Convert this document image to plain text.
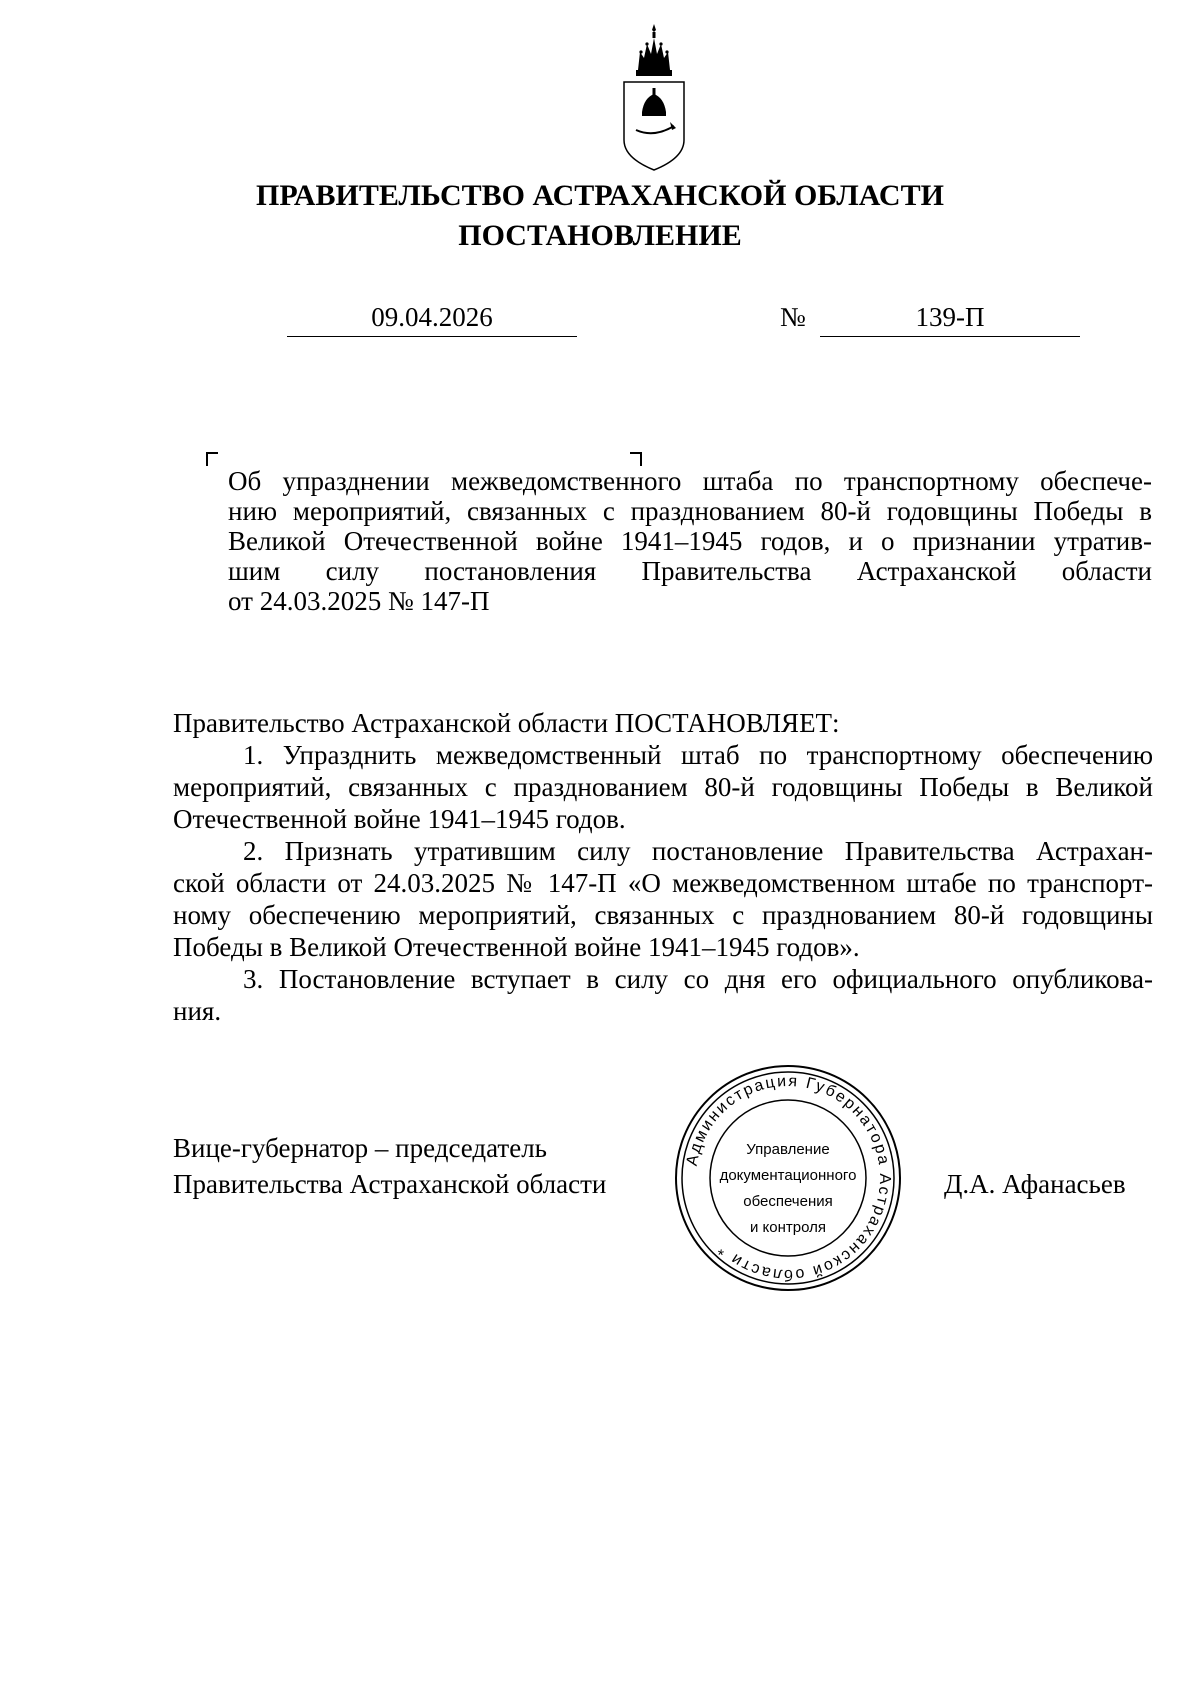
ПРАВИТЕЛЬСТВО АСТРАХАНСКОЙ ОБЛАСТИ
ПОСТАНОВЛЕНИЕ
09.04.2026	№	139-П
Об упразднении межведомственного штаба по транспортному обеспече-
нию мероприятий, связанных с празднованием 80-й годовщины Победы в
Великой Отечественной войне 1941–1945 годов, и о признании утратив-
шим силу постановления Правительства Астраханской области
от 24.03.2025 № 147-П
Правительство Астраханской области ПОСТАНОВЛЯЕТ:
1. Упразднить межведомственный штаб по транспортному обеспечению
мероприятий, связанных с празднованием 80-й годовщины Победы в Великой
Отечественной войне 1941–1945 годов.
2. Признать утратившим силу постановление Правительства Астрахан-
ской области от 24.03.2025 № 147-П «О межведомственном штабе по транспорт-
ному обеспечению мероприятий, связанных с празднованием 80-й годовщины
Победы в Великой Отечественной войне 1941–1945 годов».
3. Постановление вступает в силу со дня его официального опубликова-
ния.
Вице-губернатор – председатель
Правительства Астраханской области	Д.А. Афанасьев
Администрация Губернатора Астраханской области *
Управление
документационного
обеспечения
и контроля
